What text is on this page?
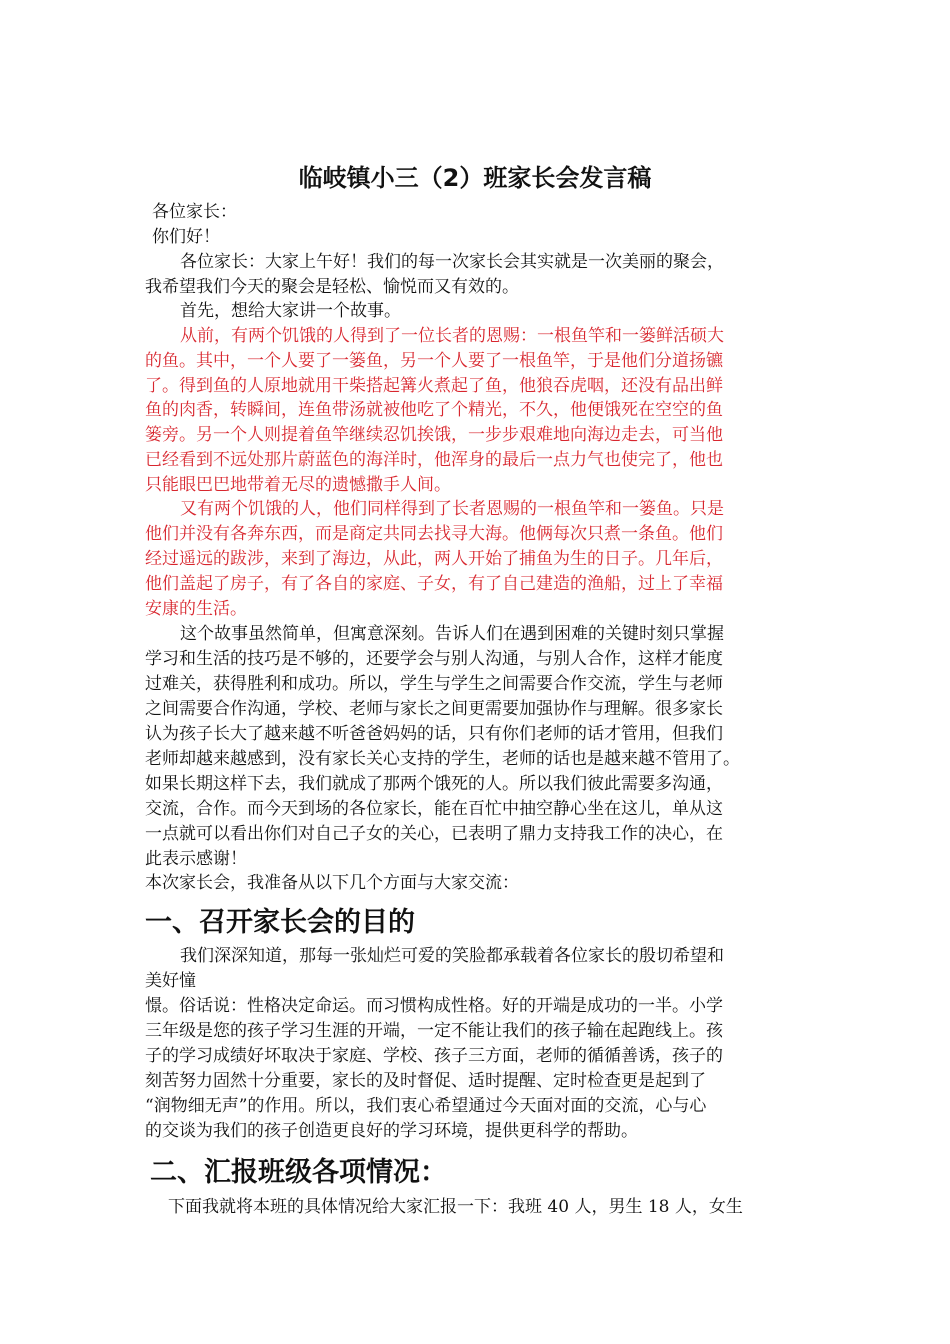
临岐镇小三（2）班家长会发言稿
各位家长：
你们好！
各位家长：大家上午好！我们的每一次家长会其实就是一次美丽的聚会，
我希望我们今天的聚会是轻松、愉悦而又有效的。
首先，想给大家讲一个故事。
从前，有两个饥饿的人得到了一位长者的恩赐：一根鱼竿和一篓鲜活硕大
的鱼。其中，一个人要了一篓鱼，另一个人要了一根鱼竿，于是他们分道扬镳
了。得到鱼的人原地就用干柴搭起篝火煮起了鱼，他狼吞虎咽，还没有品出鲜
鱼的肉香，转瞬间，连鱼带汤就被他吃了个精光，不久，他便饿死在空空的鱼
篓旁。另一个人则提着鱼竿继续忍饥挨饿，一步步艰难地向海边走去，可当他
已经看到不远处那片蔚蓝色的海洋时，他浑身的最后一点力气也使完了，他也
只能眼巴巴地带着无尽的遗憾撒手人间。
又有两个饥饿的人，他们同样得到了长者恩赐的一根鱼竿和一篓鱼。只是
他们并没有各奔东西，而是商定共同去找寻大海。他俩每次只煮一条鱼。他们
经过遥远的跋涉，来到了海边，从此，两人开始了捕鱼为生的日子。几年后，
他们盖起了房子，有了各自的家庭、子女，有了自己建造的渔船，过上了幸福
安康的生活。
这个故事虽然简单，但寓意深刻。告诉人们在遇到困难的关键时刻只掌握
学习和生活的技巧是不够的，还要学会与别人沟通，与别人合作，这样才能度
过难关，获得胜利和成功。所以，学生与学生之间需要合作交流，学生与老师
之间需要合作沟通，学校、老师与家长之间更需要加强协作与理解。很多家长
认为孩子长大了越来越不听爸爸妈妈的话，只有你们老师的话才管用，但我们
老师却越来越感到，没有家长关心支持的学生，老师的话也是越来越不管用了。
如果长期这样下去，我们就成了那两个饿死的人。所以我们彼此需要多沟通，
交流，合作。而今天到场的各位家长，能在百忙中抽空静心坐在这儿，单从这
一点就可以看出你们对自己子女的关心，已表明了鼎力支持我工作的决心，在
此表示感谢！
本次家长会，我准备从以下几个方面与大家交流：
一、召开家长会的目的
我们深深知道，那每一张灿烂可爱的笑脸都承载着各位家长的殷切希望和
美好憧
憬。俗话说：性格决定命运。而习惯构成性格。好的开端是成功的一半。小学
三年级是您的孩子学习生涯的开端，一定不能让我们的孩子输在起跑线上。孩
子的学习成绩好坏取决于家庭、学校、孩子三方面，老师的循循善诱，孩子的
刻苦努力固然十分重要，家长的及时督促、适时提醒、定时检查更是起到了
“润物细无声”的作用。所以，我们衷心希望通过今天面对面的交流，心与心
的交谈为我们的孩子创造更良好的学习环境，提供更科学的帮助。
二、汇报班级各项情况：
下面我就将本班的具体情况给大家汇报一下：我班 40 人，男生 18 人，女生
